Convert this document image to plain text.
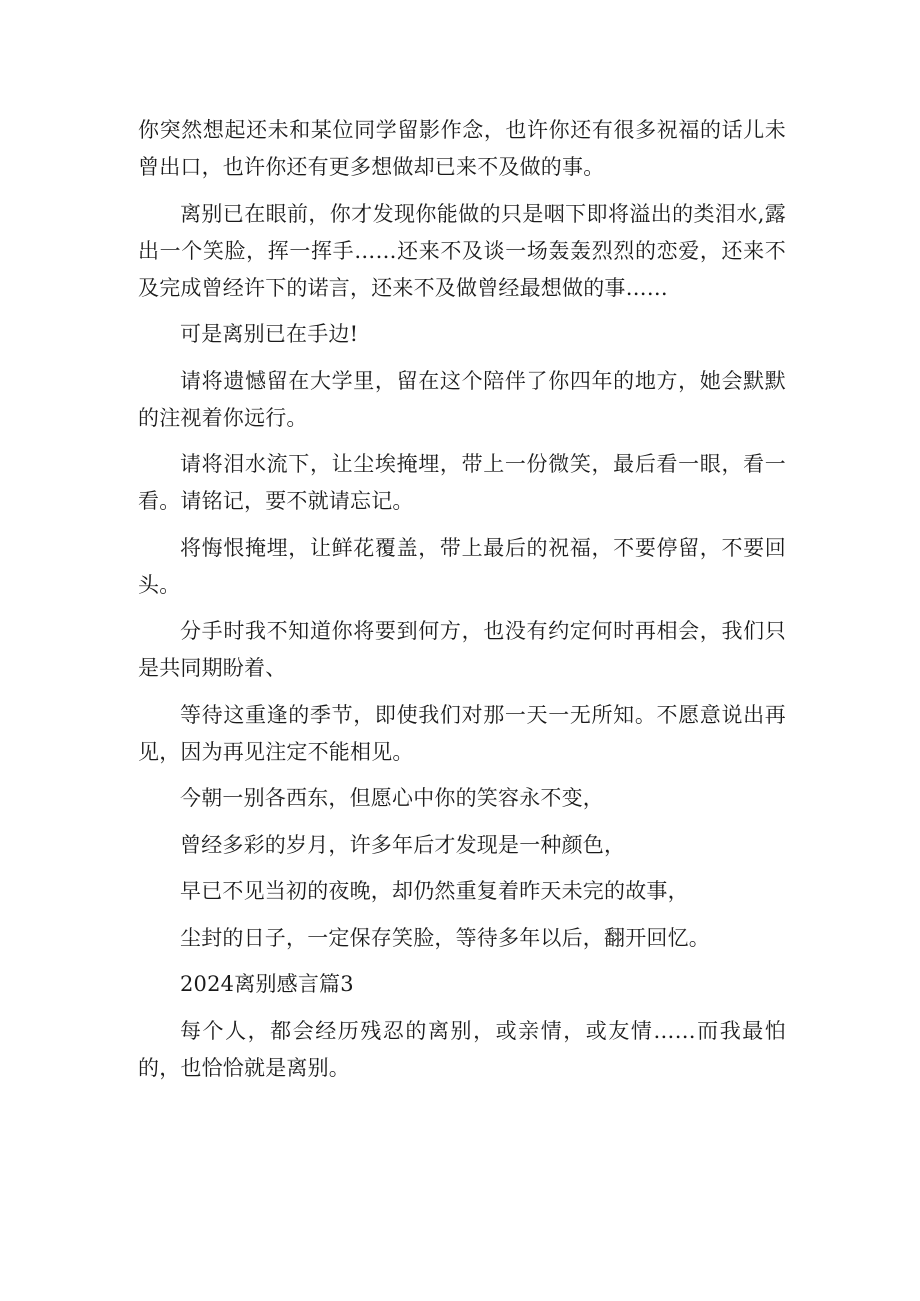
你突然想起还未和某位同学留影作念，也许你还有很多祝福的话儿未曾出口，也许你还有更多想做却已来不及做的事。

离别已在眼前，你才发现你能做的只是咽下即将溢出的类泪水,露出一个笑脸，挥一挥手……还来不及谈一场轰轰烈烈的恋爱，还来不及完成曾经许下的诺言，还来不及做曾经最想做的事……

可是离别已在手边!

请将遗憾留在大学里，留在这个陪伴了你四年的地方，她会默默的注视着你远行。

请将泪水流下，让尘埃掩埋，带上一份微笑，最后看一眼，看一看。请铭记，要不就请忘记。

将悔恨掩埋，让鲜花覆盖，带上最后的祝福，不要停留，不要回头。

分手时我不知道你将要到何方，也没有约定何时再相会，我们只是共同期盼着、

等待这重逢的季节，即使我们对那一天一无所知。不愿意说出再见，因为再见注定不能相见。

今朝一别各西东，但愿心中你的笑容永不变，

曾经多彩的岁月，许多年后才发现是一种颜色，

早已不见当初的夜晚，却仍然重复着昨天未完的故事，

尘封的日子，一定保存笑脸，等待多年以后，翻开回忆。

2024离别感言篇3

每个人，都会经历残忍的离别，或亲情，或友情……而我最怕的，也恰恰就是离别。
